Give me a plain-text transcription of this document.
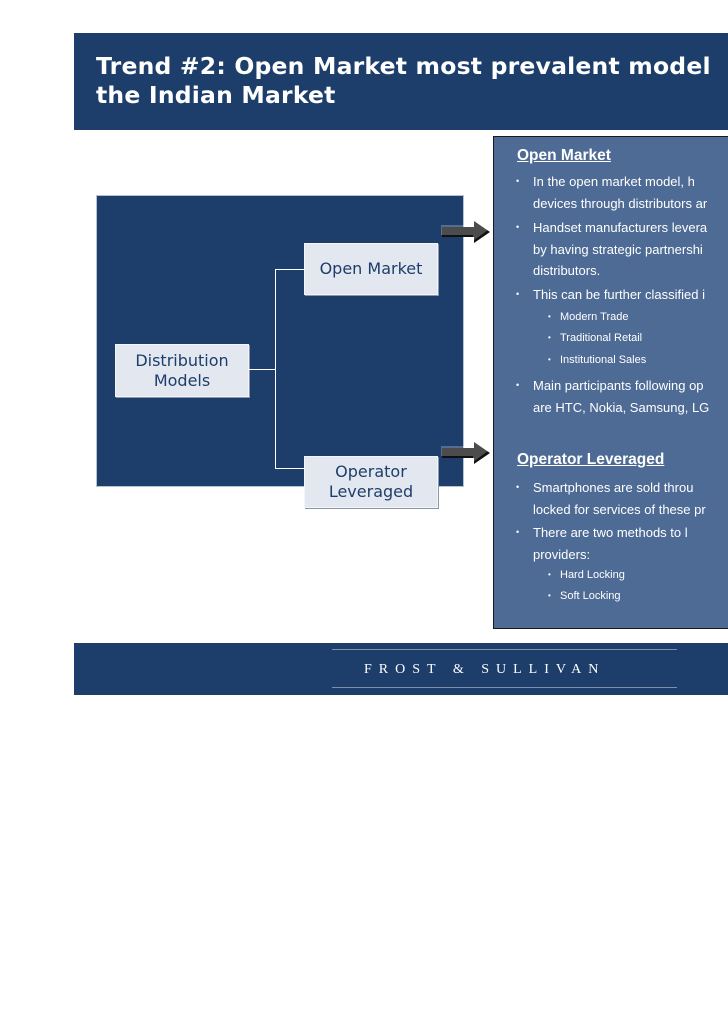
Trend #2: Open Market most prevalent model
the Indian Market
Distribution
Models
Open Market
Operator
Leveraged
Open Market
• In the open market model, h
devices through distributors ar
• Handset manufacturers levera
by having strategic partnershi
distributors.
• This can be further classified i
• Modern Trade
• Traditional Retail
• Institutional Sales
• Main participants following op
are HTC, Nokia, Samsung, LG
Operator Leveraged
• Smartphones are sold throu
locked for services of these pr
• There are two methods to l
providers:
• Hard Locking
• Soft Locking
FROST & SULLIVAN
